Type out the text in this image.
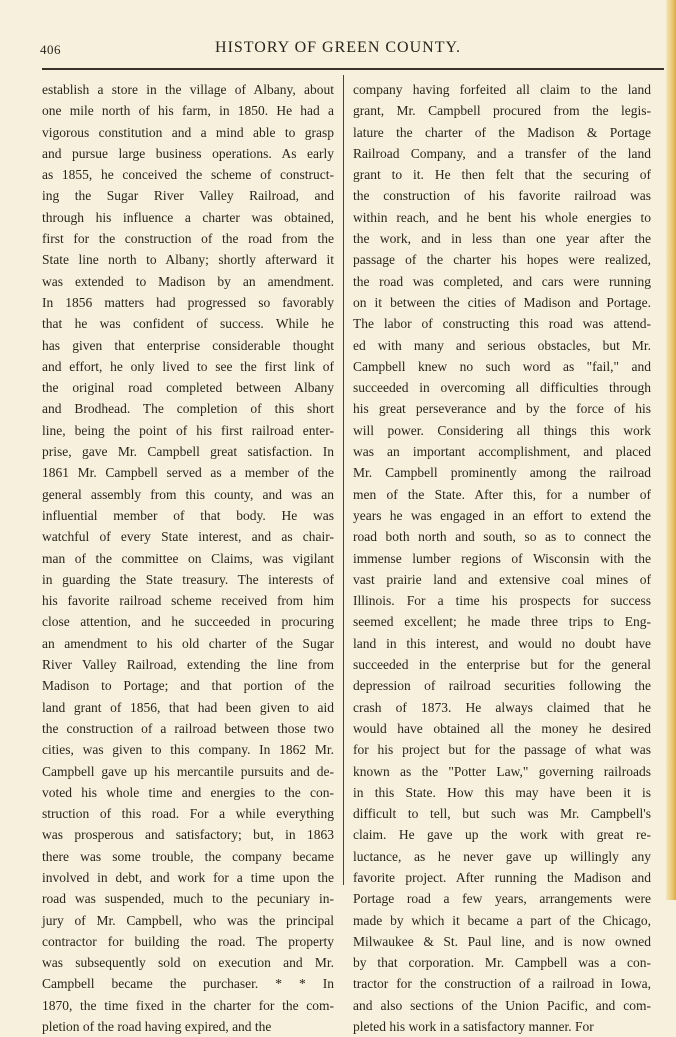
406	HISTORY OF GREEN COUNTY.
establish a store in the village of Albany, about
one mile north of his farm, in 1850. He had a
vigorous constitution and a mind able to grasp
and pursue large business operations. As early
as 1855, he conceived the scheme of construct-
ing the Sugar River Valley Railroad, and
through his influence a charter was obtained,
first for the construction of the road from the
State line north to Albany; shortly afterward it
was extended to Madison by an amendment.
In 1856 matters had progressed so favorably
that he was confident of success. While he
has given that enterprise considerable thought
and effort, he only lived to see the first link of
the original road completed between Albany
and Brodhead. The completion of this short
line, being the point of his first railroad enter-
prise, gave Mr. Campbell great satisfaction. In
1861 Mr. Campbell served as a member of the
general assembly from this county, and was an
influential member of that body. He was
watchful of every State interest, and as chair-
man of the committee on Claims, was vigilant
in guarding the State treasury. The interests of
his favorite railroad scheme received from him
close attention, and he succeeded in procuring
an amendment to his old charter of the Sugar
River Valley Railroad, extending the line from
Madison to Portage; and that portion of the
land grant of 1856, that had been given to aid
the construction of a railroad between those two
cities, was given to this company. In 1862 Mr.
Campbell gave up his mercantile pursuits and de-
voted his whole time and energies to the con-
struction of this road. For a while everything
was prosperous and satisfactory; but, in 1863
there was some trouble, the company became
involved in debt, and work for a time upon the
road was suspended, much to the pecuniary in-
jury of Mr. Campbell, who was the principal
contractor for building the road. The property
was subsequently sold on execution and Mr.
Campbell became the purchaser. * * In
1870, the time fixed in the charter for the com-
pletion of the road having expired, and the
company having forfeited all claim to the land
grant, Mr. Campbell procured from the legis-
lature the charter of the Madison & Portage
Railroad Company, and a transfer of the land
grant to it. He then felt that the securing of
the construction of his favorite railroad was
within reach, and he bent his whole energies to
the work, and in less than one year after the
passage of the charter his hopes were realized,
the road was completed, and cars were running
on it between the cities of Madison and Portage.
The labor of constructing this road was attend-
ed with many and serious obstacles, but Mr.
Campbell knew no such word as "fail," and
succeeded in overcoming all difficulties through
his great perseverance and by the force of his
will power. Considering all things this work
was an important accomplishment, and placed
Mr. Campbell prominently among the railroad
men of the State. After this, for a number of
years he was engaged in an effort to extend the
road both north and south, so as to connect the
immense lumber regions of Wisconsin with the
vast prairie land and extensive coal mines of
Illinois. For a time his prospects for success
seemed excellent; he made three trips to Eng-
land in this interest, and would no doubt have
succeeded in the enterprise but for the general
depression of railroad securities following the
crash of 1873. He always claimed that he
would have obtained all the money he desired
for his project but for the passage of what was
known as the "Potter Law," governing railroads
in this State. How this may have been it is
difficult to tell, but such was Mr. Campbell's
claim. He gave up the work with great re-
luctance, as he never gave up willingly any
favorite project. After running the Madison and
Portage road a few years, arrangements were
made by which it became a part of the Chicago,
Milwaukee & St. Paul line, and is now owned
by that corporation. Mr. Campbell was a con-
tractor for the construction of a railroad in Iowa,
and also sections of the Union Pacific, and com-
pleted his work in a satisfactory manner. For
